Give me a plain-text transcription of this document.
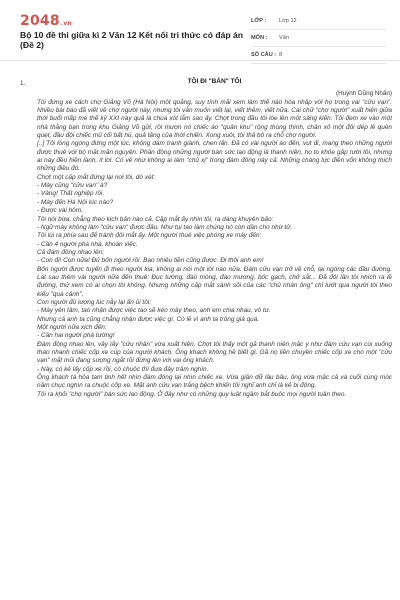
2048.vn
Bộ 10 đề thi giữa kì 2 Văn 12 Kết nối tri thức có đáp án (Đề 2)
LỚP :	Lớp 12
MÔN :	Văn
SỐ CÂU : 8
1.	TÔI ĐI "BÁN" TÔI
(Huỳnh Dũng Nhân)

Tôi đứng xe cách chợ Giảng Võ (Hà Nội) một quãng, suy tính mãi xem làm thế nào hòa nhập với họ trong vai "cửu vạn". Nhiều bài báo đã viết về chợ người này, nhưng tôi vẫn muốn viết lại, viết thêm, viết nữa. Cái chữ "chợ người" xuất hiện giữa thời buổi mấp mé thế kỷ XXI này quả là chua xót lắm sao ấy. Chợt trong đầu tôi lóe lên một sáng kiến. Tôi đem xe vào một nhà thằng bạn trong khu Giảng Võ gửi, rồi mượn nó chiếc áo "quân khu" rộng thùng thình, chân xỏ một đôi dép lê quèn quẹt, đầu đội chiếc mũ cối bất hủ, quả tặng của thời chiến. Xong xuôi, tôi thả bộ ra chỗ chợ người.

[..] Tôi lóng ngóng đứng một lúc, không dám tranh giành, chen lấn. Đã có vài người áo đến, vụt đi, mang theo những người được thuê với bộ mặt mãn nguyện. Phần đông những người bán sức lao động là thanh niên, họ to khỏe gặp rười tôi, nhưng ai này đều hiền lành, ít lời. Có vẻ như không ai làm "chủ xị" trong đám đông này cả. Những chàng lực điền vốn không thích những điều đó.

Chợt một cặp mắt đứng lại nơi tôi, dò xét:

- Mày cũng "cửu vạn" à?

- Vâng! Thất nghiệp rồi.

- Mày đến Hà Nội lúc nào?

- Được vài hôm.

Tôi nói bừa, chẳng theo kịch bản nào cả. Cặp mắt ấy nhìn tôi, ra dáng khuyên bảo:

- Ngữ mày không làm "cửu vạn" được đâu. Như tụi tao làm chúng nó còn dần cho nhừ tử.

Tôi lùi ra phía sau để tránh đôi mắt ấy. Một người thuê việc phóng xe máy đến:

- Cần 4 người phá nhà, khoán việc.

Cả đám đông nhao lên:

- Con đi! Con nữa! Đủ bốn người rồi. Bao nhiêu tiền cũng được. Đi thôi anh em!

Bốn người được tuyển đi theo người kia, không ai nói một lời nào nữa. Đám cửu vạn trở về chỗ, lại ngóng các đầu đường. Lát sau thêm vài người nữa đến thuê: Đục tường, đào móng, đào mương, bốc gạch, chở sắt... Đã đôi lần tôi nhích ra lề đường, thử xem có ai chọn tôi không. Nhưng những cặp mắt sành sỏi của các "chủ nhân ông" chỉ lướt qua người tôi theo kiểu "quá cảnh".

Con người đủ lượng lúc nẫy lại ấn ủi tôi:

- Mày yên tâm, tao nhận được việc tao sẽ kéo mày theo, anh em chia nhau, vô tư.

Nhưng cả anh ta cũng chẳng nhận được việc gì. Có lẽ vì anh ta trông già quá.

Một người nữa xịch đến:

- Cần hai người phá tường!

Đám đông nhao lên, vây lấy "cửu nhân" vừa xuất hiện. Chợt tôi thấy một gã thanh niên mặc y như đám cửu vạn cùi xuống tháo nhanh chiếc cốp xe cúp của người khách. Ông khách không hề biết gì. Gã nọ liền chuyền chiếc cốp xe cho một "cửu vạn" mặt mũi đang sượng ngắt rồi đứng lên với vai ông khách.

- Này, có kẻ lấy cốp xe rồi, có chuộc thì đưa đây trăm nghìn.

Ông khách tá hỏa tam tinh hết nhìn đám đông lại nhìn chiếc xe. Vừa giận dữ lâu bâu, ông vừa mặc cả và cuối cùng móc năm chục nghìn ra chuộc cốp xe. Mặt anh cửu vạn trắng bệch khiến tôi nghĩ anh chỉ là kẻ bị động.

Tôi ra khỏi "chợ người" bán sức lao động. Ở đây như có những quy luật ngầm bắt buộc mọi người tuân theo.
